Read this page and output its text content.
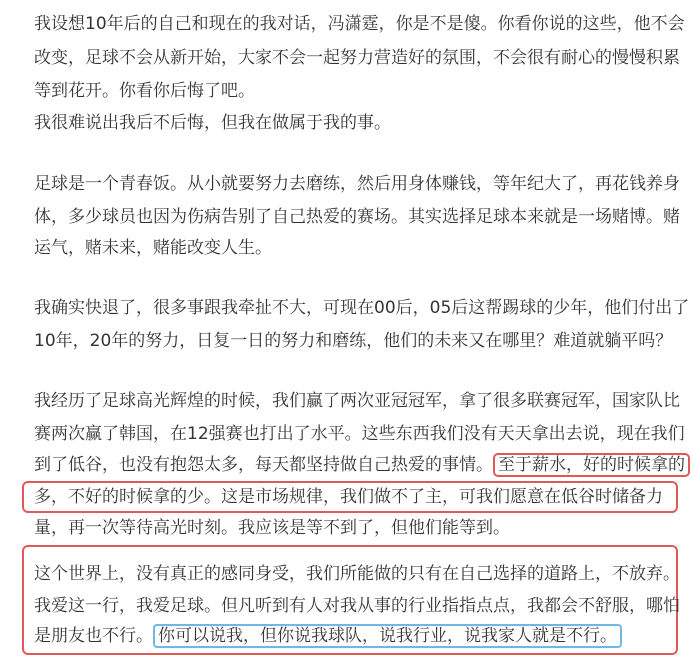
我设想10年后的自己和现在的我对话，冯潇霆，你是不是傻。你看你说的这些，他不会
改变，足球不会从新开始，大家不会一起努力营造好的氛围，不会很有耐心的慢慢积累
等到花开。你看你后悔了吧。
我很难说出我后不后悔，但我在做属于我的事。
足球是一个青春饭。从小就要努力去磨练，然后用身体赚钱，等年纪大了，再花钱养身
体，多少球员也因为伤病告别了自己热爱的赛场。其实选择足球本来就是一场赌博。赌
运气，赌未来，赌能改变人生。
我确实快退了，很多事跟我牵扯不大，可现在00后，05后这帮踢球的少年，他们付出了
10年，20年的努力，日复一日的努力和磨练，他们的未来又在哪里？难道就躺平吗？
我经历了足球高光辉煌的时候，我们赢了两次亚冠冠军，拿了很多联赛冠军，国家队比
赛两次赢了韩国，在12强赛也打出了水平。这些东西我们没有天天拿出去说，现在我们
到了低谷，也没有抱怨太多，每天都坚持做自己热爱的事情。 至于薪水，好的时候拿的
多，不好的时候拿的少。这是市场规律，我们做不了主，可我们愿意在低谷时储备力
量，再一次等待高光时刻。我应该是等不到了，但他们能等到。
这个世界上，没有真正的感同身受，我们所能做的只有在自己选择的道路上，不放弃。
我爱这一行，我爱足球。但凡听到有人对我从事的行业指指点点，我都会不舒服，哪怕
是朋友也不行。 你可以说我，但你说我球队，说我行业，说我家人就是不行。
